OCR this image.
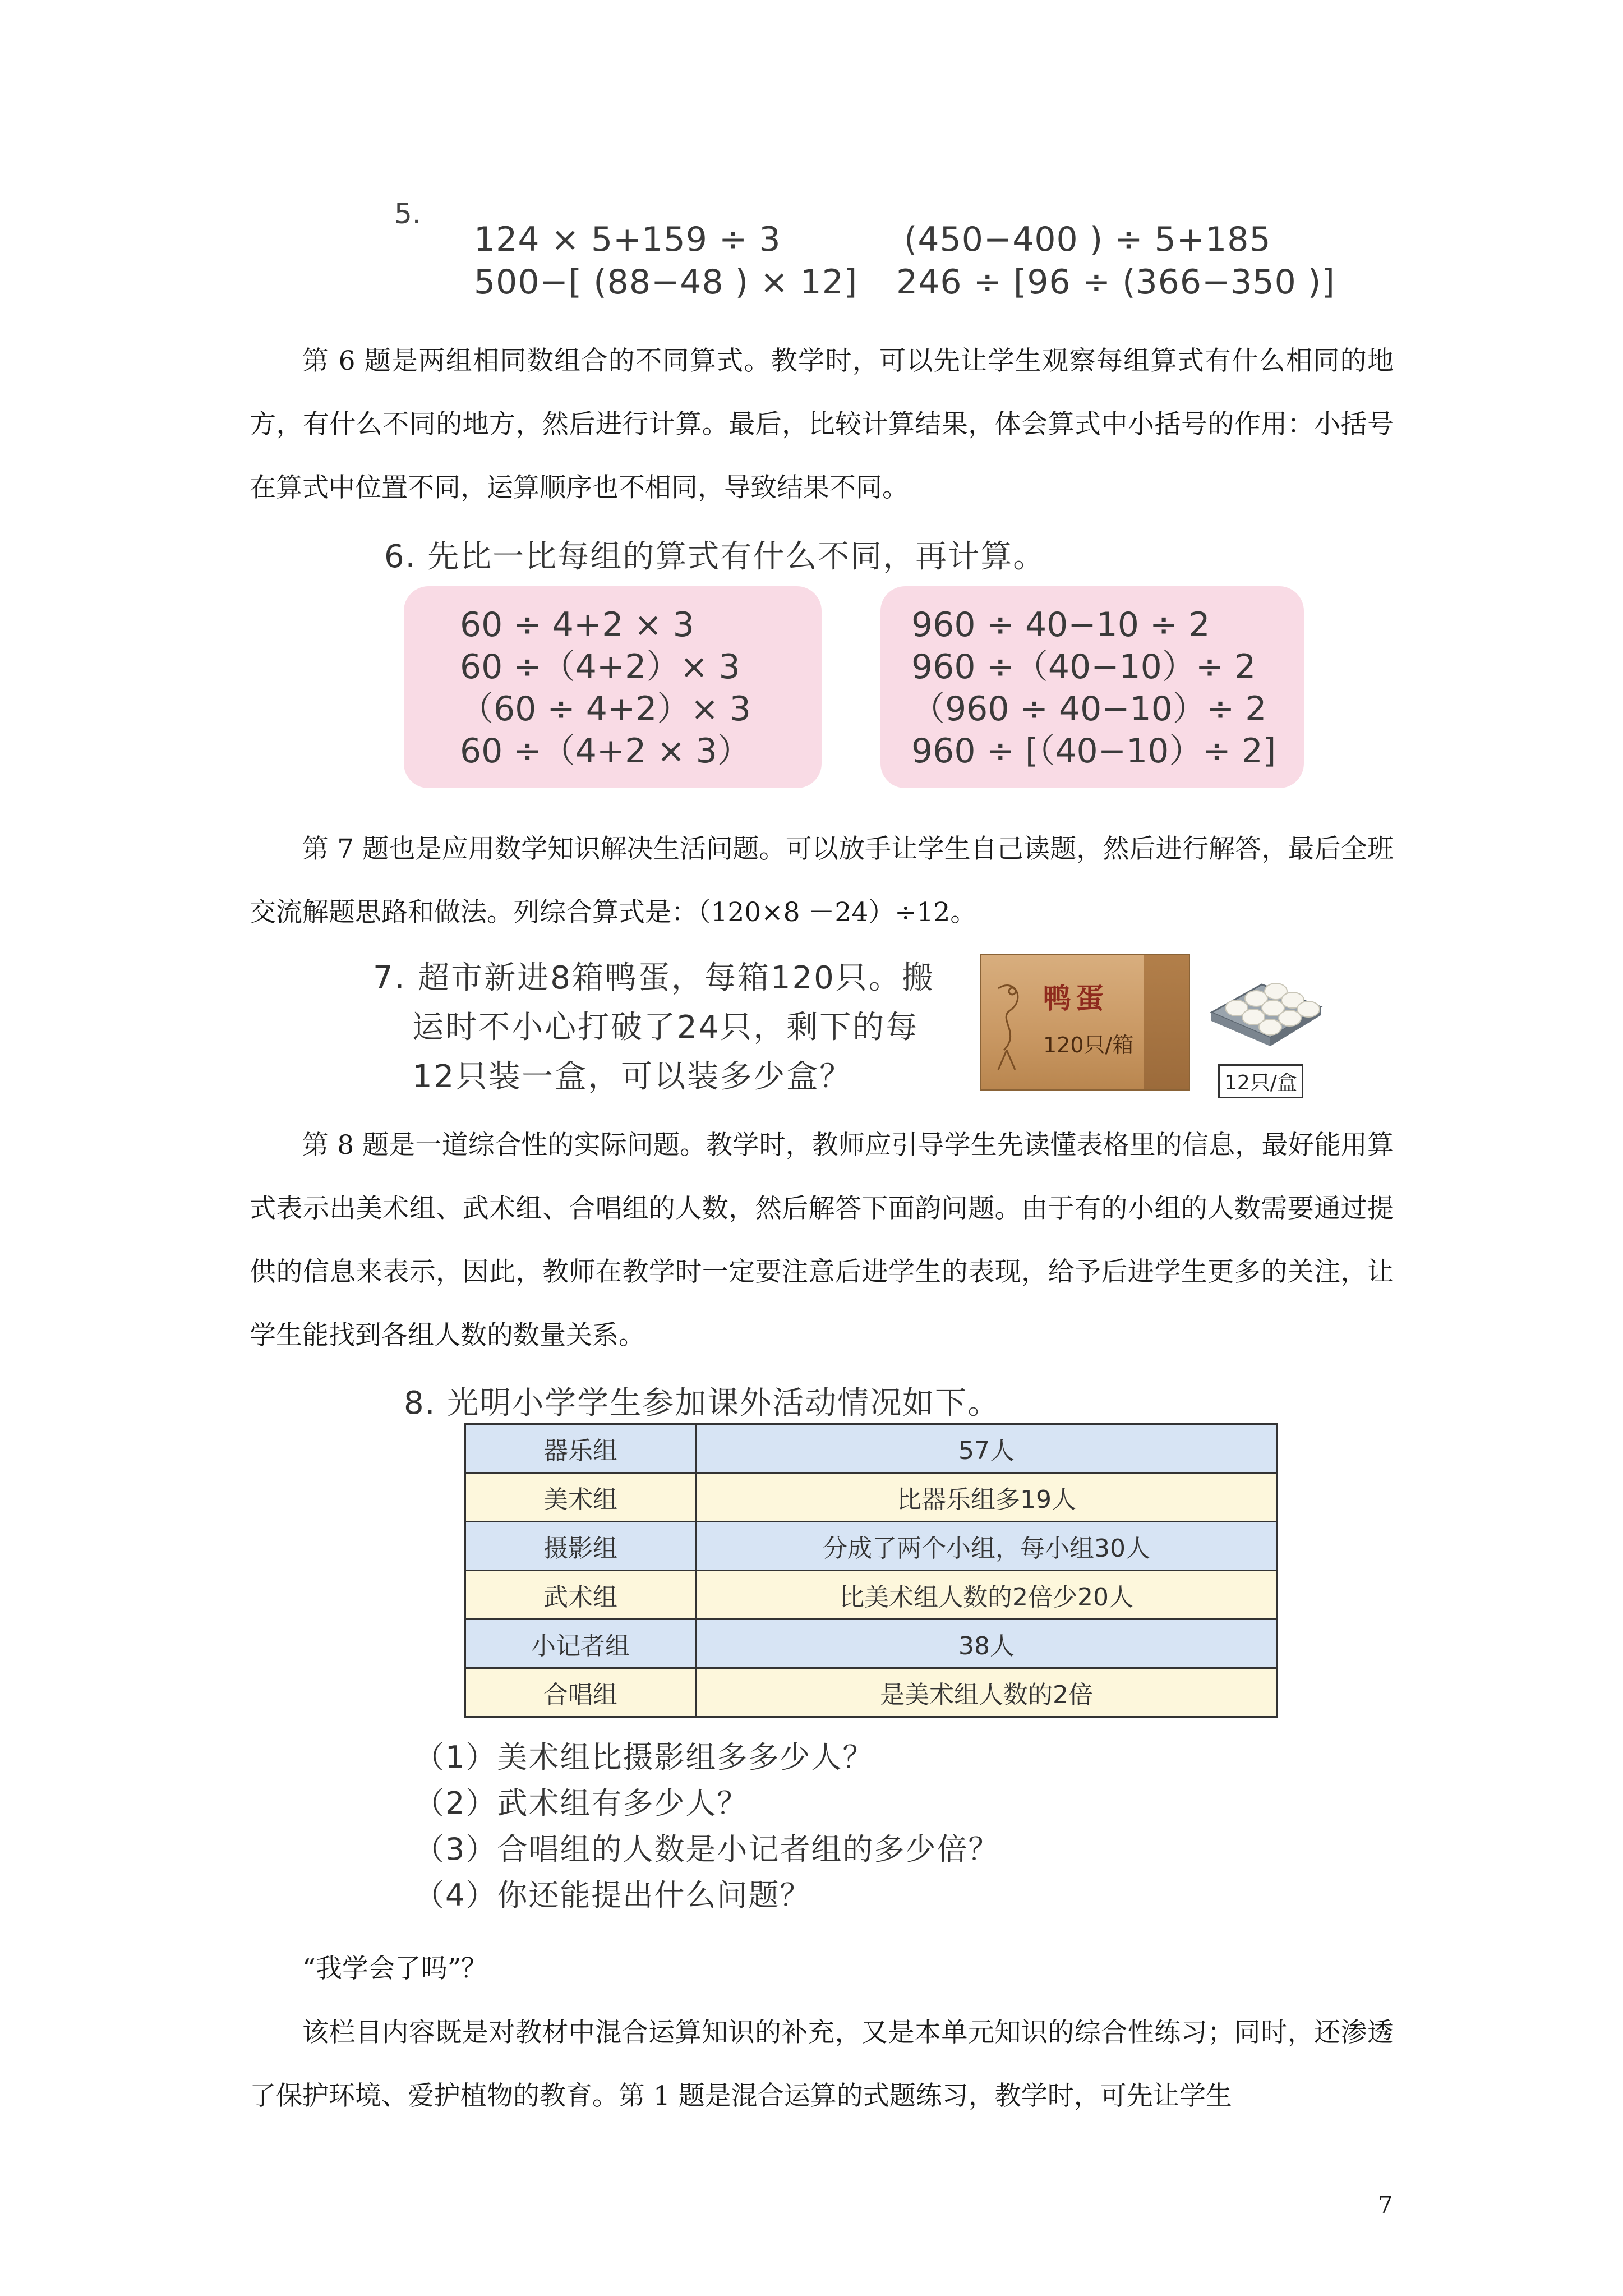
5.
124 × 5+159 ÷ 3	(450−400 ) ÷ 5+185
500−[ (88−48 ) × 12] 246 ÷ [96 ÷ (366−350 )]

第 6 题是两组相同数组合的不同算式。教学时，可以先让学生观察每组算式有什么相同的地方，有什么不同的地方，然后进行计算。最后，比较计算结果，体会算式中小括号的作用：小括号在算式中位置不同，运算顺序也不相同，导致结果不同。

6. 先比一比每组的算式有什么不同，再计算。
60 ÷ 4+2 × 3
60 ÷（4+2）× 3
（60 ÷ 4+2）× 3
60 ÷（4+2 × 3）
960 ÷ 40−10 ÷ 2
960 ÷（40−10）÷ 2
（960 ÷ 40−10）÷ 2
960 ÷ [（40−10）÷ 2]

第 7 题也是应用数学知识解决生活问题。可以放手让学生自己读题，然后进行解答，最后全班交流解题思路和做法。列综合算式是：（120×8 －24）÷12。

7. 超市新进8箱鸭蛋，每箱120只。搬
运时不小心打破了24只，剩下的每
12只装一盒，可以装多少盒？
鸭蛋
120只/箱
12只/盒

第 8 题是一道综合性的实际问题。教学时，教师应引导学生先读懂表格里的信息，最好能用算式表示出美术组、武术组、合唱组的人数，然后解答下面韵问题。由于有的小组的人数需要通过提供的信息来表示，因此，教师在教学时一定要注意后进学生的表现，给予后进学生更多的关注，让学生能找到各组人数的数量关系。

8. 光明小学学生参加课外活动情况如下。
器乐组	57人
美术组	比器乐组多19人
摄影组	分成了两个小组，每小组30人
武术组	比美术组人数的2倍少20人
小记者组	38人
合唱组	是美术组人数的2倍
（1）美术组比摄影组多多少人？
（2）武术组有多少人？
（3）合唱组的人数是小记者组的多少倍？
（4）你还能提出什么问题？
“我学会了吗”？

该栏目内容既是对教材中混合运算知识的补充，又是本单元知识的综合性练习；同时，还渗透了保护环境、爱护植物的教育。第 1 题是混合运算的式题练习，教学时，可先让学生

7
